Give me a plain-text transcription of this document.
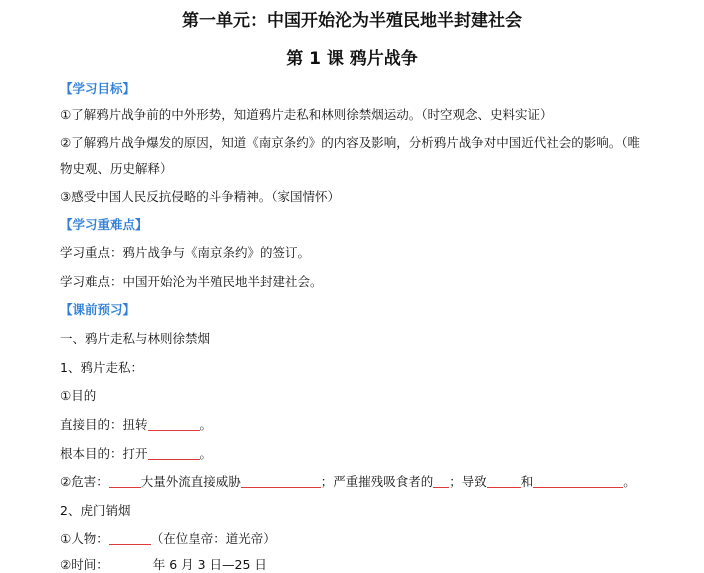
第一单元：中国开始沦为半殖民地半封建社会
第 1 课 鸦片战争
【学习目标】
①了解鸦片战争前的中外形势，知道鸦片走私和林则徐禁烟运动。（时空观念、史料实证）
②了解鸦片战争爆发的原因，知道《南京条约》的内容及影响，分析鸦片战争对中国近代社会的影响。（唯
物史观、历史解释）
③感受中国人民反抗侵略的斗争精神。（家国情怀）
【学习重难点】
学习重点：鸦片战争与《南京条约》的签订。
学习难点：中国开始沦为半殖民地半封建社会。
【课前预习】
一、鸦片走私与林则徐禁烟
1、鸦片走私：
①目的
直接目的：扭转	。
根本目的：打开	。
②危害：	大量外流直接威胁	；严重摧残吸食者的 ；导致	和	。
2、虎门销烟
①人物：	（在位皇帝：道光帝）
②时间：	年 6 月 3 日—25 日
